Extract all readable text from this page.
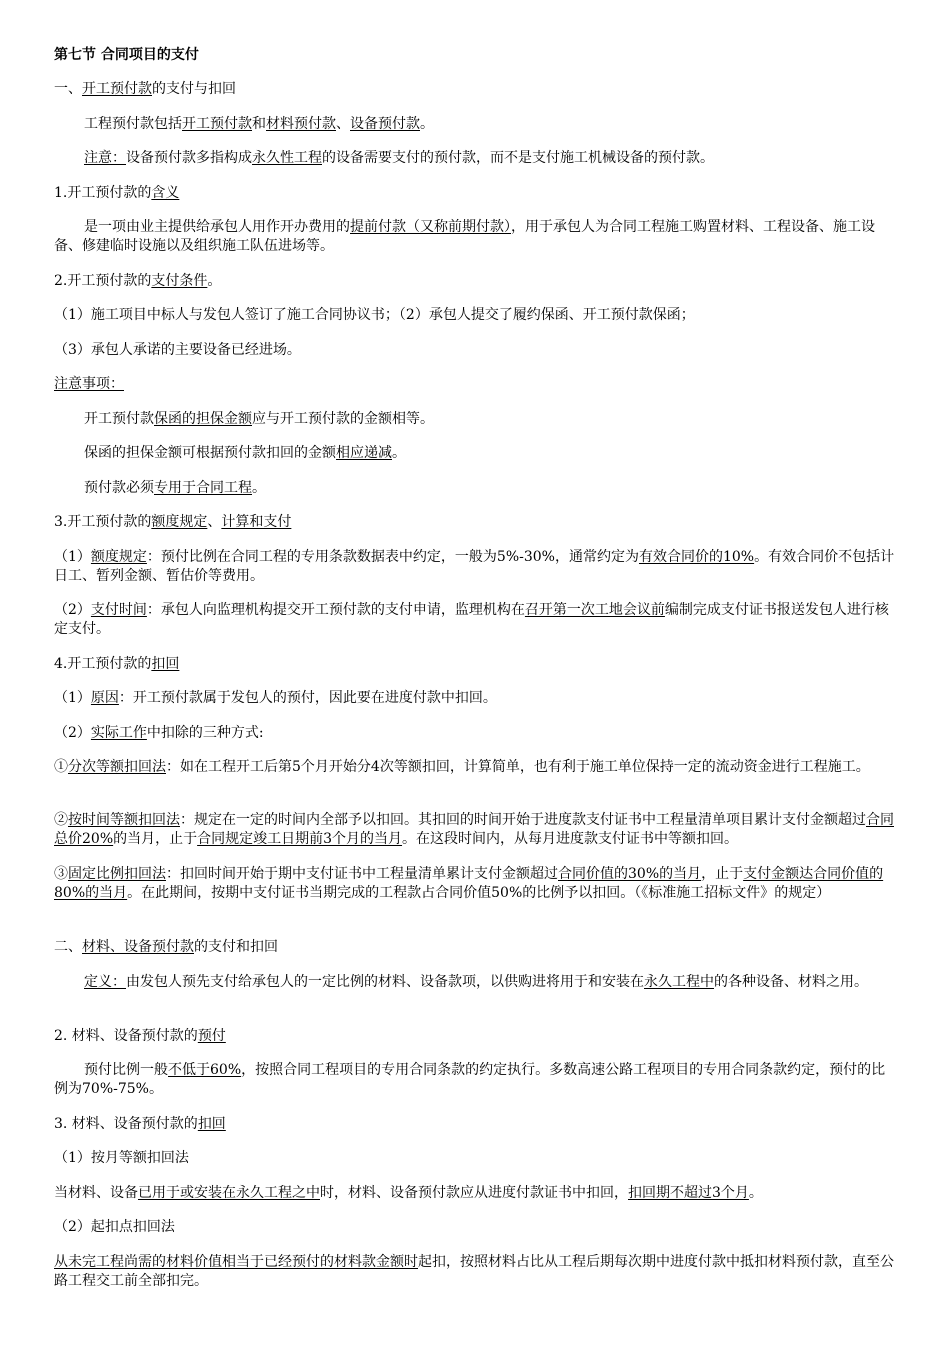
第七节 合同项目的支付
一、开工预付款的支付与扣回
工程预付款包括开工预付款和材料预付款、设备预付款。
注意：设备预付款多指构成永久性工程的设备需要支付的预付款，而不是支付施工机械设备的预付款。
1.开工预付款的含义
是一项由业主提供给承包人用作开办费用的提前付款（又称前期付款），用于承包人为合同工程施工购置材料、工程设备、施工设备、修建临时设施以及组织施工队伍进场等。
2.开工预付款的支付条件。
（1）施工项目中标人与发包人签订了施工合同协议书；（2）承包人提交了履约保函、开工预付款保函；
（3）承包人承诺的主要设备已经进场。
注意事项：
开工预付款保函的担保金额应与开工预付款的金额相等。
保函的担保金额可根据预付款扣回的金额相应递减。
预付款必须专用于合同工程。
3.开工预付款的额度规定、计算和支付
（1）额度规定：预付比例在合同工程的专用条款数据表中约定，一般为5%-30%，通常约定为有效合同价的10%。有效合同价不包括计日工、暂列金额、暂估价等费用。
（2）支付时间：承包人向监理机构提交开工预付款的支付申请，监理机构在召开第一次工地会议前编制完成支付证书报送发包人进行核定支付。
4.开工预付款的扣回
（1）原因：开工预付款属于发包人的预付，因此要在进度付款中扣回。
（2）实际工作中扣除的三种方式:
①分次等额扣回法：如在工程开工后第5个月开始分4次等额扣回，计算简单，也有利于施工单位保持一定的流动资金进行工程施工。
②按时间等额扣回法：规定在一定的时间内全部予以扣回。其扣回的时间开始于进度款支付证书中工程量清单项目累计支付金额超过合同总价20%的当月，止于合同规定竣工日期前3个月的当月。在这段时间内，从每月进度款支付证书中等额扣回。
③固定比例扣回法：扣回时间开始于期中支付证书中工程量清单累计支付金额超过合同价值的30%的当月，止于支付金额达合同价值的80%的当月。在此期间，按期中支付证书当期完成的工程款占合同价值50%的比例予以扣回。（《标准施工招标文件》的规定）
二、材料、设备预付款的支付和扣回
定义：由发包人预先支付给承包人的一定比例的材料、设备款项，以供购进将用于和安装在永久工程中的各种设备、材料之用。
2. 材料、设备预付款的预付
预付比例一般不低于60%，按照合同工程项目的专用合同条款的约定执行。多数高速公路工程项目的专用合同条款约定，预付的比例为70%-75%。
3. 材料、设备预付款的扣回
（1）按月等额扣回法
当材料、设备已用于或安装在永久工程之中时，材料、设备预付款应从进度付款证书中扣回，扣回期不超过3个月。
（2）起扣点扣回法
从未完工程尚需的材料价值相当于已经预付的材料款金额时起扣，按照材料占比从工程后期每次期中进度付款中抵扣材料预付款，直至公路工程交工前全部扣完。
